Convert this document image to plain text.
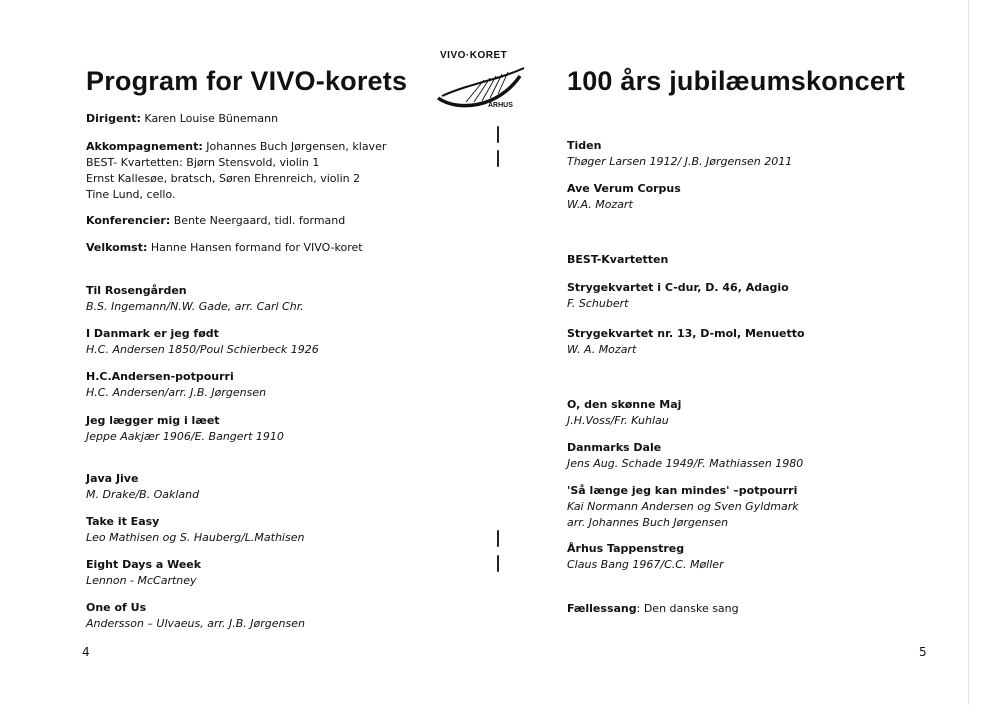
Program for VIVO-korets	100 års jubilæumskoncert
VIVO·KORET
ÅRHUS
Dirigent: Karen Louise Bünemann
Akkompagnement: Johannes Buch Jørgensen, klaver
BEST- Kvartetten: Bjørn Stensvold, violin 1
Ernst Kallesøe, bratsch, Søren Ehrenreich, violin 2
Tine Lund, cello.
Konferencier: Bente Neergaard, tidl. formand
Velkomst: Hanne Hansen formand for VIVO-koret
Til Rosengården
B.S. Ingemann/N.W. Gade, arr. Carl Chr.
I Danmark er jeg født
H.C. Andersen 1850/Poul Schierbeck 1926
H.C.Andersen-potpourri
H.C. Andersen/arr. J.B. Jørgensen
Jeg lægger mig i læet
Jeppe Aakjær 1906/E. Bangert 1910
Java Jive
M. Drake/B. Oakland
Take it Easy
Leo Mathisen og S. Hauberg/L.Mathisen
Eight Days a Week
Lennon - McCartney
One of Us
Andersson – Ulvaeus, arr. J.B. Jørgensen
Tiden
Thøger Larsen 1912/ J.B. Jørgensen 2011
Ave Verum Corpus
W.A. Mozart
BEST-Kvartetten
Strygekvartet i C-dur, D. 46, Adagio
F. Schubert
Strygekvartet nr. 13, D-mol, Menuetto
W. A. Mozart
O, den skønne Maj
J.H.Voss/Fr. Kuhlau
Danmarks Dale
Jens Aug. Schade 1949/F. Mathiassen 1980
'Så længe jeg kan mindes' –potpourri
Kai Normann Andersen og Sven Gyldmark
arr. Johannes Buch Jørgensen
Århus Tappenstreg
Claus Bang 1967/C.C. Møller
Fællessang: Den danske sang
4	5
